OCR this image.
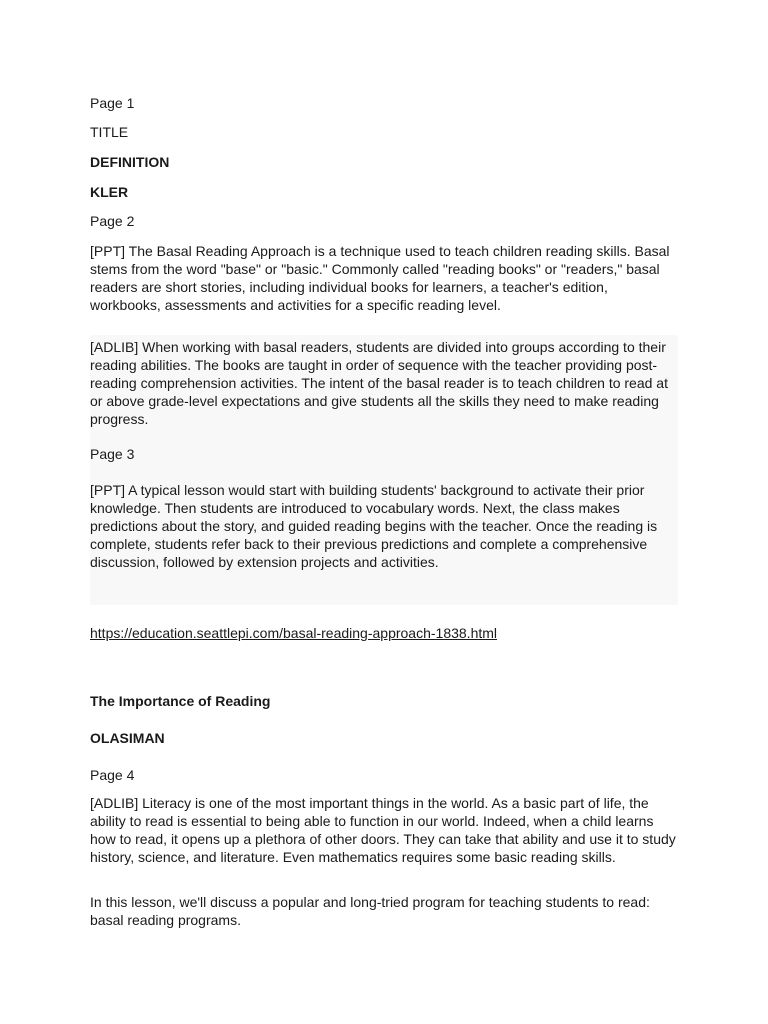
Page 1

TITLE

DEFINITION

KLER

Page 2

[PPT] The Basal Reading Approach is a technique used to teach children reading skills. Basal stems from the word "base" or "basic." Commonly called "reading books" or "readers," basal readers are short stories, including individual books for learners, a teacher's edition, workbooks, assessments and activities for a specific reading level.

[ADLIB] When working with basal readers, students are divided into groups according to their reading abilities. The books are taught in order of sequence with the teacher providing post-reading comprehension activities. The intent of the basal reader is to teach children to read at or above grade-level expectations and give students all the skills they need to make reading progress.

Page 3

[PPT] A typical lesson would start with building students' background to activate their prior knowledge. Then students are introduced to vocabulary words. Next, the class makes predictions about the story, and guided reading begins with the teacher. Once the reading is complete, students refer back to their previous predictions and complete a comprehensive discussion, followed by extension projects and activities.

https://education.seattlepi.com/basal-reading-approach-1838.html

The Importance of Reading

OLASIMAN

Page 4

[ADLIB] Literacy is one of the most important things in the world. As a basic part of life, the ability to read is essential to being able to function in our world. Indeed, when a child learns how to read, it opens up a plethora of other doors. They can take that ability and use it to study history, science, and literature. Even mathematics requires some basic reading skills.

In this lesson, we'll discuss a popular and long-tried program for teaching students to read: basal reading programs.
